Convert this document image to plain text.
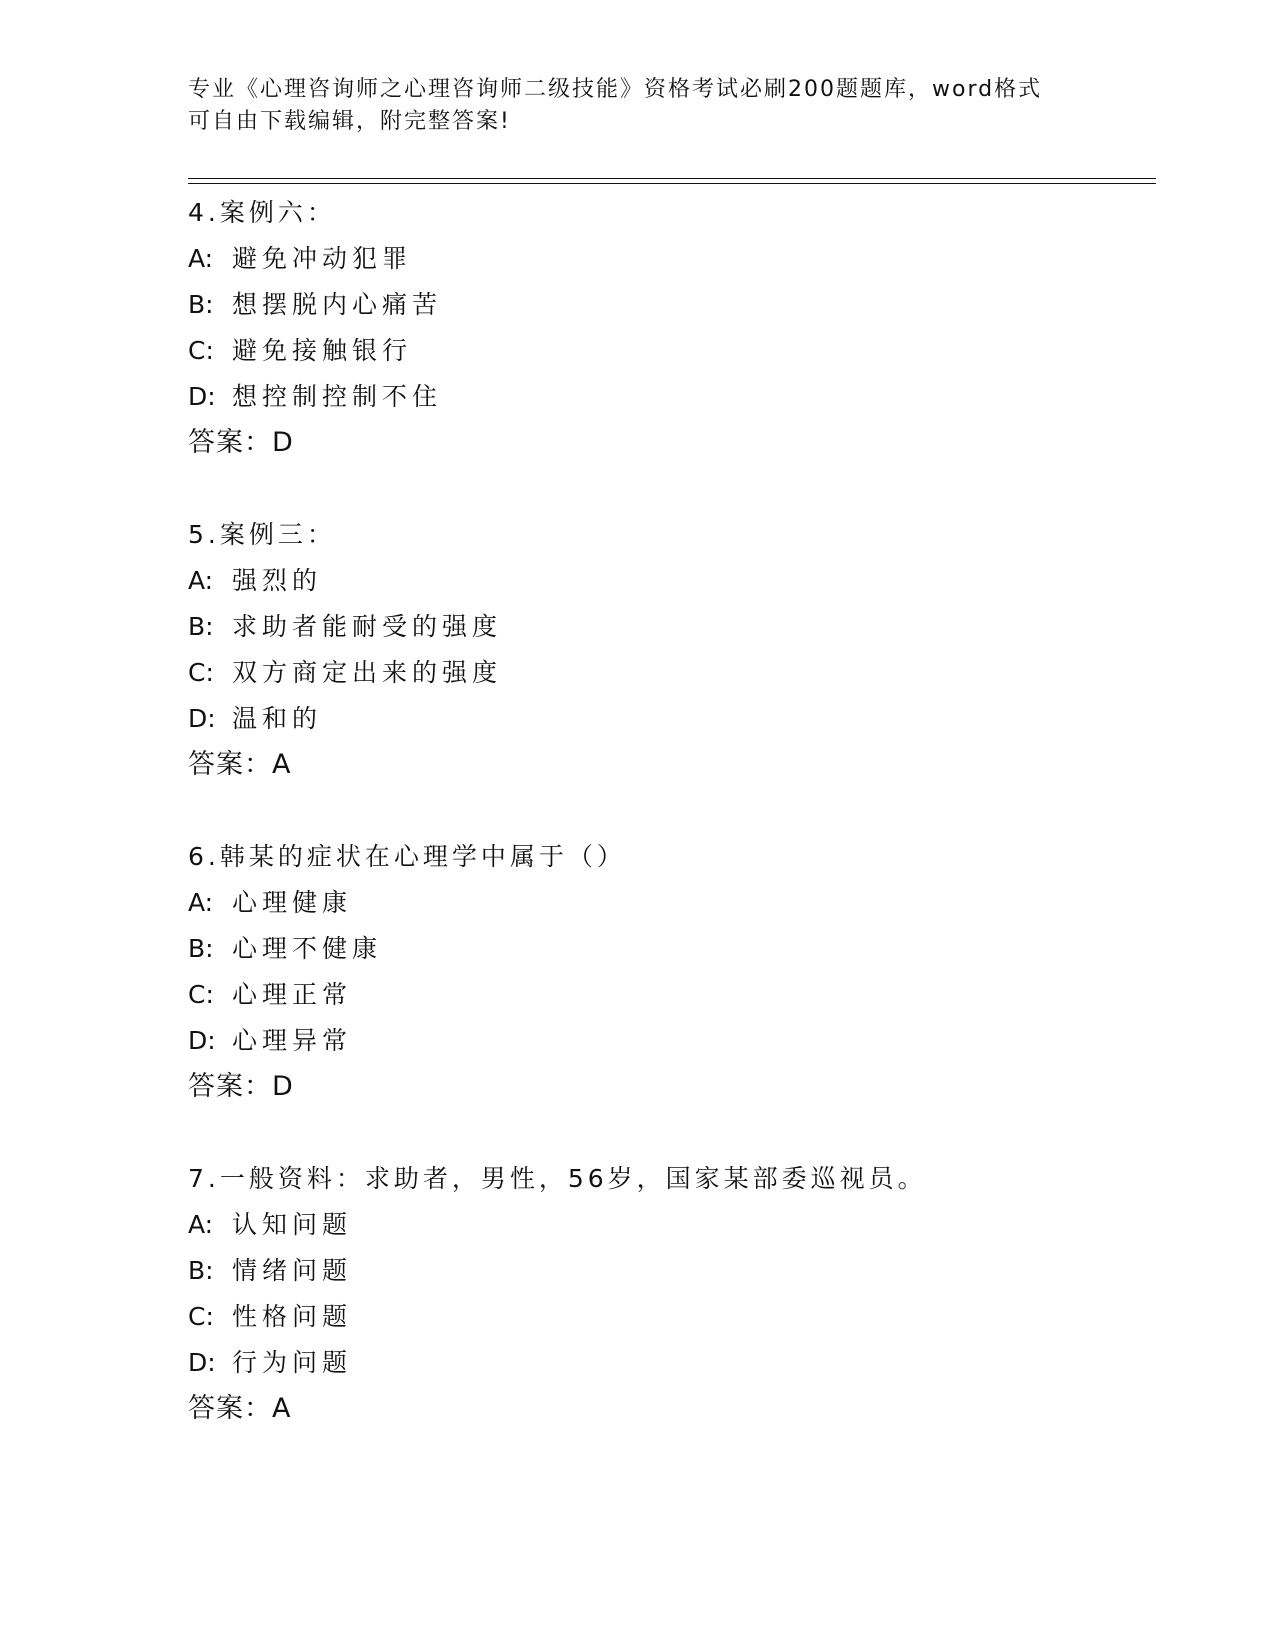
专业《心理咨询师之心理咨询师二级技能》资格考试必刷200题题库，word格式
可自由下载编辑，附完整答案!
4.案例六：
A: 避免冲动犯罪
B: 想摆脱内心痛苦
C: 避免接触银行
D: 想控制控制不住
答案：D
5.案例三：
A: 强烈的
B: 求助者能耐受的强度
C: 双方商定出来的强度
D: 温和的
答案：A
6.韩某的症状在心理学中属于（）
A: 心理健康
B: 心理不健康
C: 心理正常
D: 心理异常
答案：D
7.一般资料：求助者，男性，56岁，国家某部委巡视员。
A: 认知问题
B: 情绪问题
C: 性格问题
D: 行为问题
答案：A
